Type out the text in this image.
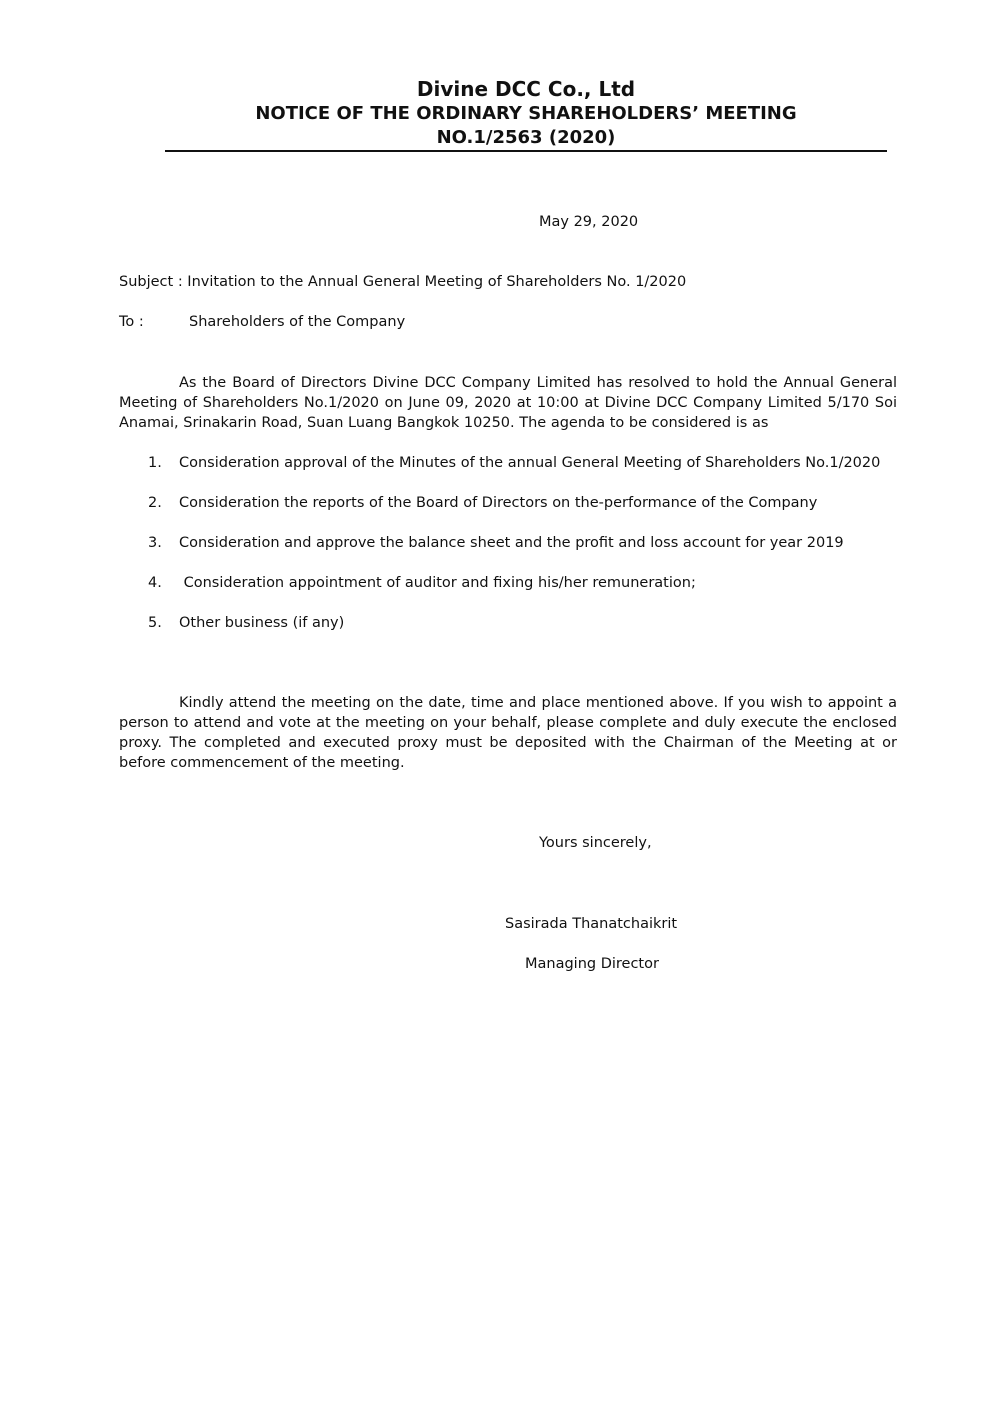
Divine DCC Co., Ltd
NOTICE OF THE ORDINARY SHAREHOLDERS’ MEETING
NO.1/2563 (2020)
May 29, 2020
Subject : Invitation to the Annual General Meeting of Shareholders No. 1/2020
To :	Shareholders of the Company
As the Board of Directors Divine DCC Company Limited has resolved to hold the Annual General Meeting of Shareholders No.1/2020 on June 09, 2020 at 10:00 at Divine DCC Company Limited 5/170 Soi Anamai, Srinakarin Road, Suan Luang Bangkok 10250. The agenda to be considered is as
1. Consideration approval of the Minutes of the annual General Meeting of Shareholders No.1/2020
2. Consideration the reports of the Board of Directors on the-performance of the Company
3. Consideration and approve the balance sheet and the profit and loss account for year 2019
4. Consideration appointment of auditor and fixing his/her remuneration;
5. Other business (if any)
Kindly attend the meeting on the date, time and place mentioned above. If you wish to appoint a person to attend and vote at the meeting on your behalf, please complete and duly execute the enclosed proxy. The completed and executed proxy must be deposited with the Chairman of the Meeting at or before commencement of the meeting.
Yours sincerely,
Sasirada Thanatchaikrit
Managing Director
